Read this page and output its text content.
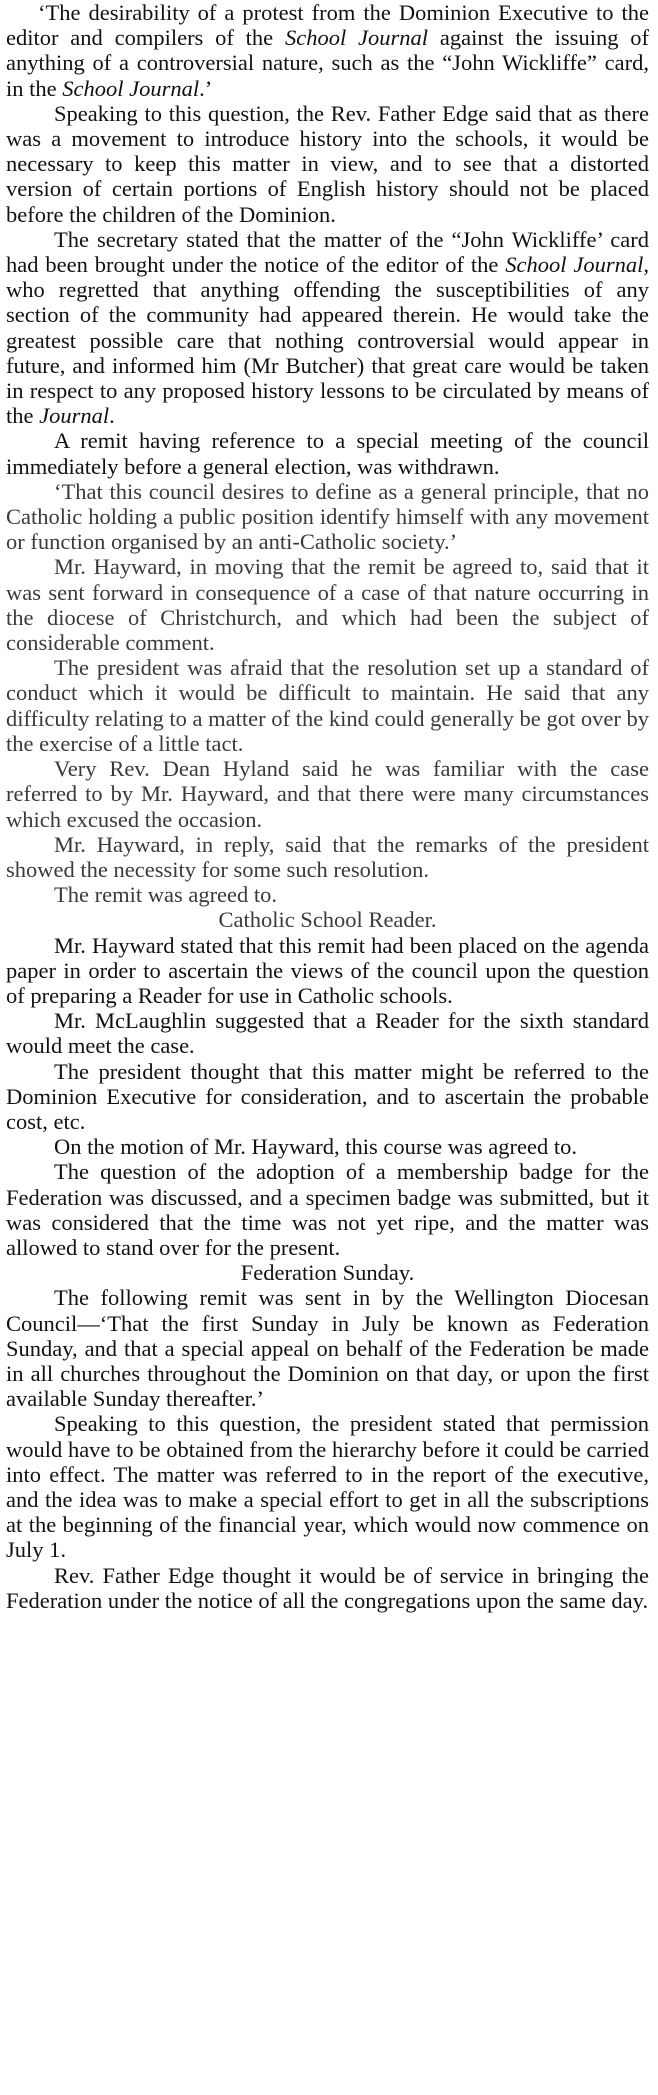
‘The desirability of a protest from the Dominion Executive to the editor and compilers of the School Journal against the issuing of anything of a controversial nature, such as the “John Wickliffe” card, in the School Journal.’

Speaking to this question, the Rev. Father Edge said that as there was a movement to introduce history into the schools, it would be necessary to keep this matter in view, and to see that a distorted version of certain portions of English history should not be placed before the children of the Dominion.

The secretary stated that the matter of the “John Wickliffe’ card had been brought under the notice of the editor of the School Journal, who regretted that anything offending the susceptibilities of any section of the community had appeared therein. He would take the greatest possible care that nothing controversial would appear in future, and informed him (Mr Butcher) that great care would be taken in respect to any proposed history lessons to be circulated by means of the Journal.

A remit having reference to a special meeting of the council immediately before a general election, was withdrawn.

‘That this council desires to define as a general principle, that no Catholic holding a public position identify himself with any movement or function organised by an anti-Catholic society.’

Mr. Hayward, in moving that the remit be agreed to, said that it was sent forward in consequence of a case of that nature occurring in the diocese of Christchurch, and which had been the subject of considerable comment.

The president was afraid that the resolution set up a standard of conduct which it would be difficult to maintain. He said that any difficulty relating to a matter of the kind could generally be got over by the exercise of a little tact.

Very Rev. Dean Hyland said he was familiar with the case referred to by Mr. Hayward, and that there were many circumstances which excused the occasion.

Mr. Hayward, in reply, said that the remarks of the president showed the necessity for some such resolution.

The remit was agreed to.

Catholic School Reader.

Mr. Hayward stated that this remit had been placed on the agenda paper in order to ascertain the views of the council upon the question of preparing a Reader for use in Catholic schools.

Mr. McLaughlin suggested that a Reader for the sixth standard would meet the case.

The president thought that this matter might be referred to the Dominion Executive for consideration, and to ascertain the probable cost, etc.

On the motion of Mr. Hayward, this course was agreed to.

The question of the adoption of a membership badge for the Federation was discussed, and a specimen badge was submitted, but it was considered that the time was not yet ripe, and the matter was allowed to stand over for the present.

Federation Sunday.

The following remit was sent in by the Wellington Diocesan Council—‘That the first Sunday in July be known as Federation Sunday, and that a special appeal on behalf of the Federation be made in all churches throughout the Dominion on that day, or upon the first available Sunday thereafter.’

Speaking to this question, the president stated that permission would have to be obtained from the hierarchy before it could be carried into effect. The matter was referred to in the report of the executive, and the idea was to make a special effort to get in all the subscriptions at the beginning of the financial year, which would now commence on July 1.

Rev. Father Edge thought it would be of service in bringing the Federation under the notice of all the congregations upon the same day.
